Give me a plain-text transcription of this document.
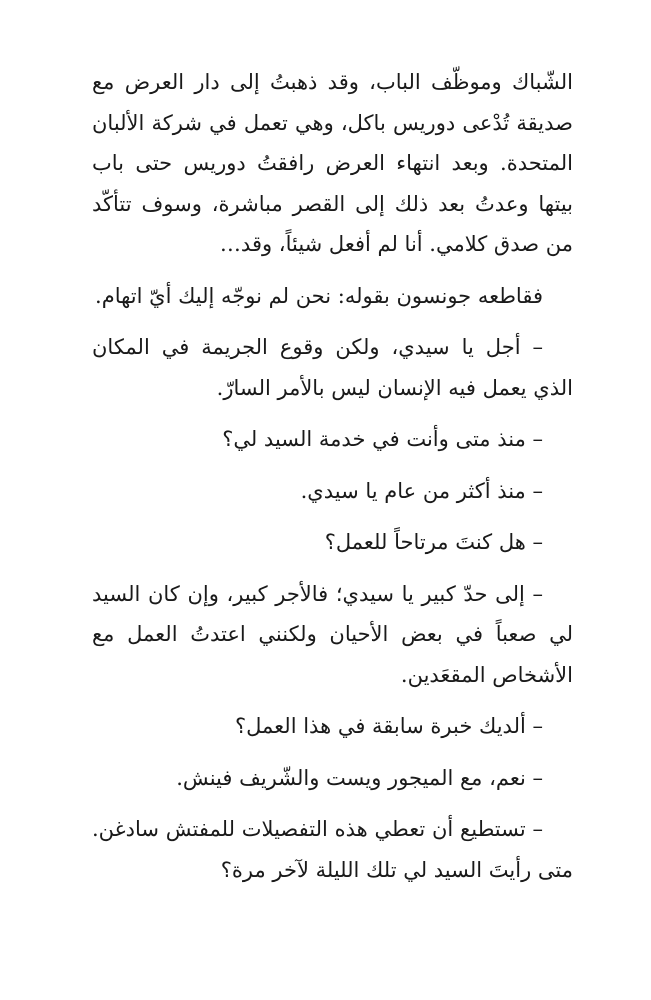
الشّباك وموظّف الباب، وقد ذهبتُ إلى دار العرض مع صديقة تُدْعى دوريس باكل، وهي تعمل في شركة الألبان المتحدة. وبعد انتهاء العرض رافقتُ دوريس حتى باب بيتها وعدتُ بعد ذلك إلى القصر مباشرة، وسوف تتأكّد من صدق كلامي. أنا لم أفعل شيئاً، وقد…

فقاطعه جونسون بقوله: نحن لم نوجّه إليك أيّ اتهام.

– أجل يا سيدي، ولكن وقوع الجريمة في المكان الذي يعمل فيه الإنسان ليس بالأمر السارّ.

– منذ متى وأنت في خدمة السيد لي؟

– منذ أكثر من عام يا سيدي.

– هل كنتَ مرتاحاً للعمل؟

– إلى حدّ كبير يا سيدي؛ فالأجر كبير، وإن كان السيد لي صعباً في بعض الأحيان ولكنني اعتدتُ العمل مع الأشخاص المقعَدين.

– ألديك خبرة سابقة في هذا العمل؟

– نعم، مع الميجور ويست والشّريف فينش.

– تستطيع أن تعطي هذه التفصيلات للمفتش سادغن. متى رأيتَ السيد لي تلك الليلة لآخر مرة؟
